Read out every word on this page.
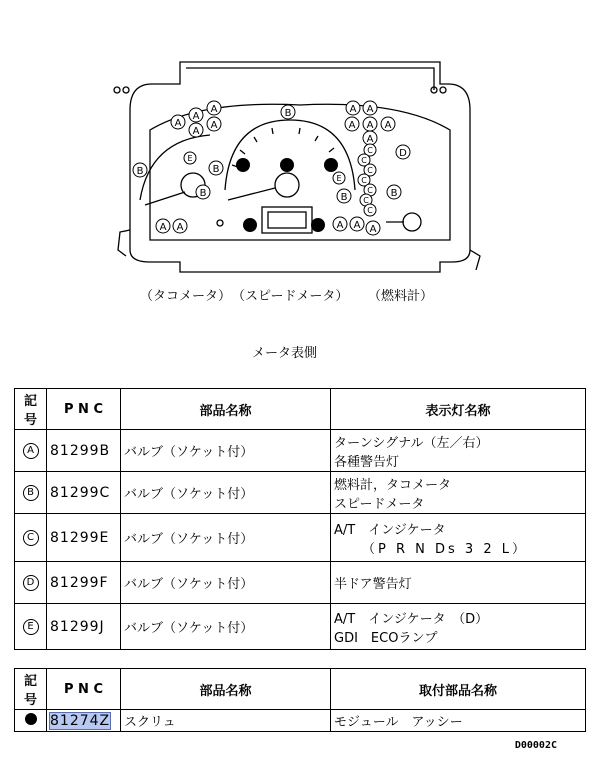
A
A
A	A
A
A A
A A A
A
A A	A A A
B
B	B
B	B	B
C
C
C
C
C
C
C
D
E
E
（タコメータ） （スピードメータ） （燃料計）
メータ表側
記号	P N C	部品名称	表示灯名称
A	81299B	バルブ（ソケット付）	ターンシグナル（左／右）
各種警告灯

B	81299C	バルブ（ソケット付）	燃料計，タコメータ
スピードメータ

C	81299E	バルブ（ソケット付）	A/T　インジケータ
（P R N Ds 3 2 L）

D	81299F	バルブ（ソケット付）	半ドア警告灯

E	81299J	バルブ（ソケット付）	A/T　インジケータ　（D）
GDI　ECOランプ
記号	P N C	部品名称	取付部品名称
	81274Z	スクリュ	モジュール　アッシー
D00002C
